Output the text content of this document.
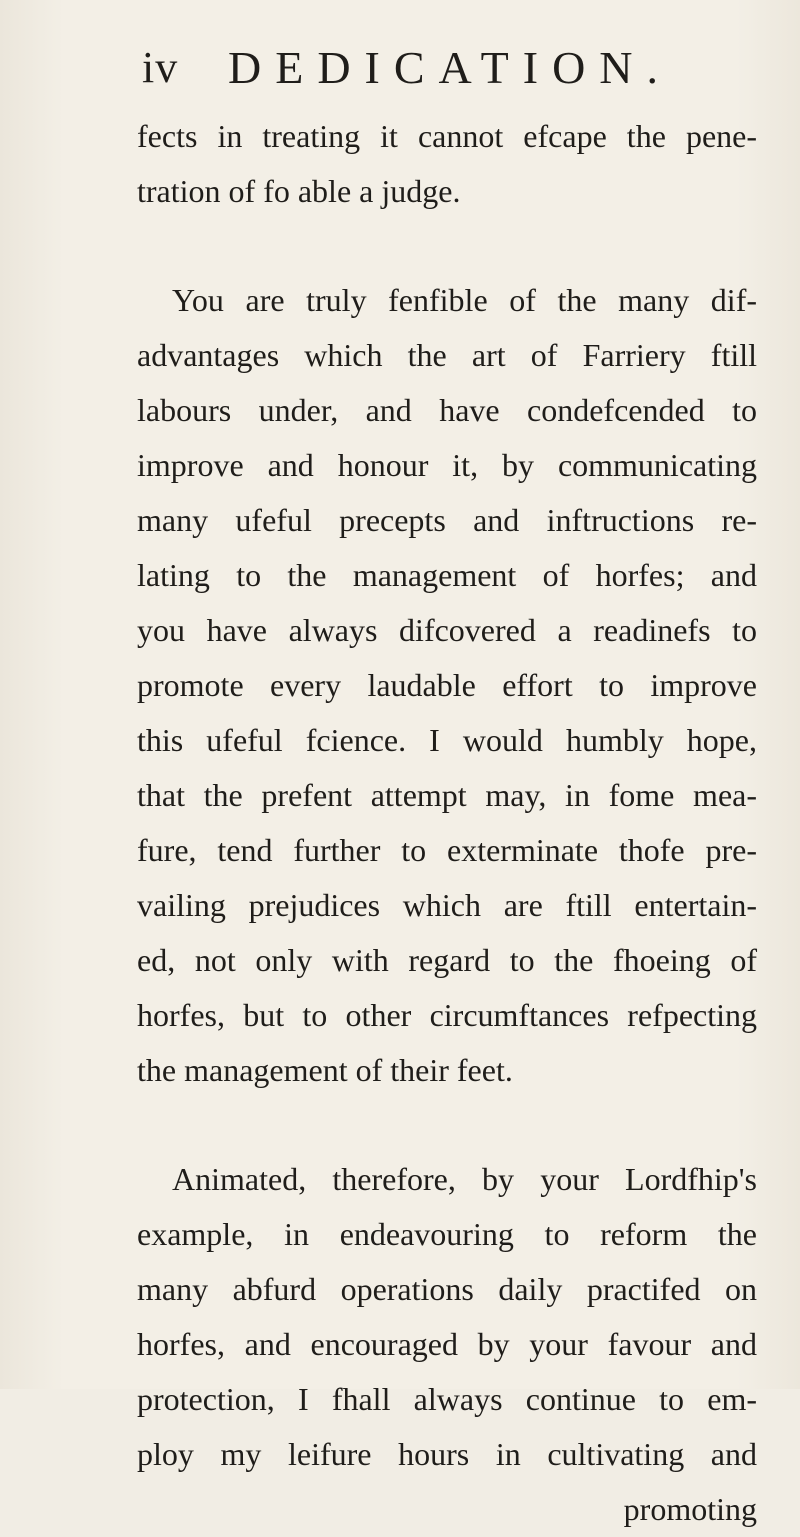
iv DEDICATION.
fects in treating it cannot efcape the pene-
tration of fo able a judge.
You are truly fenfible of the many dif-
advantages which the art of Farriery ftill
labours under, and have condefcended to
improve and honour it, by communicating
many ufeful precepts and inftructions re-
lating to the management of horfes; and
you have always difcovered a readinefs to
promote every laudable effort to improve
this ufeful fcience. I would humbly hope,
that the prefent attempt may, in fome mea-
fure, tend further to exterminate thofe pre-
vailing prejudices which are ftill entertain-
ed, not only with regard to the fhoeing of
horfes, but to other circumftances refpecting
the management of their feet.
Animated, therefore, by your Lordfhip's
example, in endeavouring to reform the
many abfurd operations daily practifed on
horfes, and encouraged by your favour and
protection, I fhall always continue to em-
ploy my leifure hours in cultivating and
promoting
